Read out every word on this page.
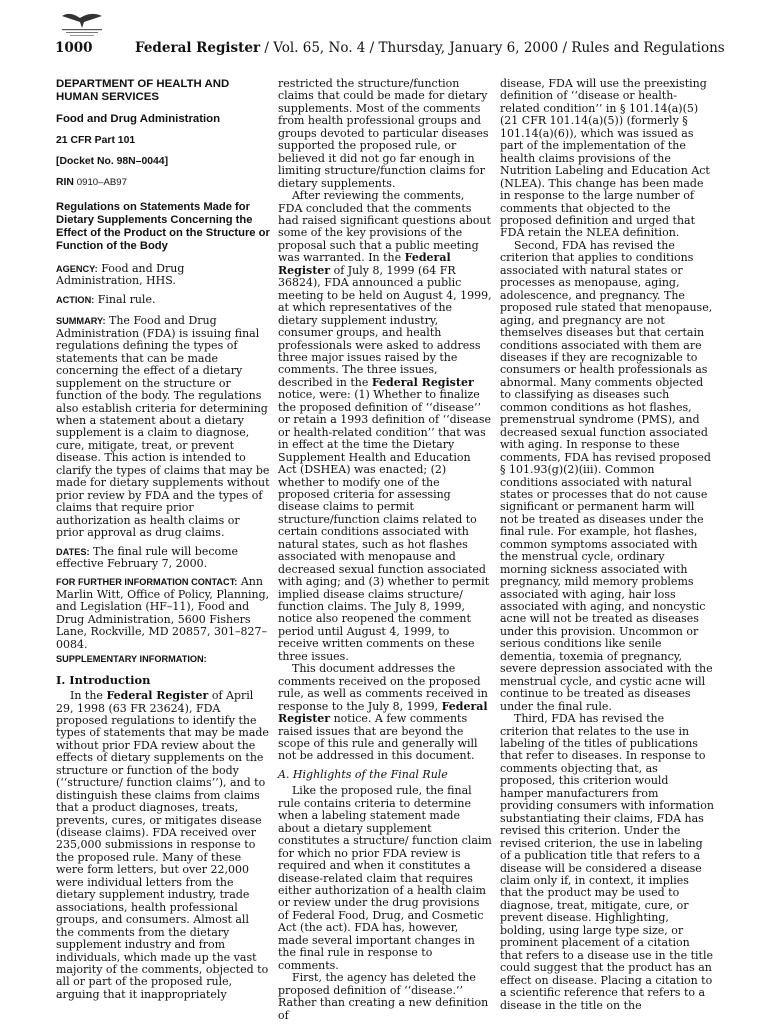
1000	Federal Register / Vol. 65, No. 4 / Thursday, January 6, 2000 / Rules and Regulations
DEPARTMENT OF HEALTH AND HUMAN SERVICES
Food and Drug Administration
21 CFR Part 101
[Docket No. 98N–0044]
RIN 0910–AB97
Regulations on Statements Made for Dietary Supplements Concerning the Effect of the Product on the Structure or Function of the Body
AGENCY: Food and Drug Administration, HHS.
ACTION: Final rule.
SUMMARY: The Food and Drug Administration (FDA) is issuing final regulations defining the types of statements that can be made concerning the effect of a dietary supplement on the structure or function of the body. The regulations also establish criteria for determining when a statement about a dietary supplement is a claim to diagnose, cure, mitigate, treat, or prevent disease. This action is intended to clarify the types of claims that may be made for dietary supplements without prior review by FDA and the types of claims that require prior authorization as health claims or prior approval as drug claims.
DATES: The final rule will become effective February 7, 2000.
FOR FURTHER INFORMATION CONTACT: Ann Marlin Witt, Office of Policy, Planning, and Legislation (HF–11), Food and Drug Administration, 5600 Fishers Lane, Rockville, MD 20857, 301–827–0084.
SUPPLEMENTARY INFORMATION:
I. Introduction

In the Federal Register of April 29, 1998 (63 FR 23624), FDA proposed regulations to identify the types of statements that may be made without prior FDA review about the effects of dietary supplements on the structure or function of the body (‘‘structure/ function claims’’), and to distinguish these claims from claims that a product diagnoses, treats, prevents, cures, or mitigates disease (disease claims). FDA received over 235,000 submissions in response to the proposed rule. Many of these were form letters, but over 22,000 were individual letters from the dietary supplement industry, trade associations, health professional groups, and consumers. Almost all the comments from the dietary supplement industry and from individuals, which made up the vast majority of the comments, objected to all or part of the proposed rule, arguing that it inappropriately

restricted the structure/function claims that could be made for dietary supplements. Most of the comments from health professional groups and groups devoted to particular diseases supported the proposed rule, or believed it did not go far enough in limiting structure/function claims for dietary supplements.

After reviewing the comments, FDA concluded that the comments had raised significant questions about some of the key provisions of the proposal such that a public meeting was warranted. In the Federal Register of July 8, 1999 (64 FR 36824), FDA announced a public meeting to be held on August 4, 1999, at which representatives of the dietary supplement industry, consumer groups, and health professionals were asked to address three major issues raised by the comments. The three issues, described in the Federal Register notice, were: (1) Whether to finalize the proposed definition of ‘‘disease’’ or retain a 1993 definition of ‘‘disease or health-related condition’’ that was in effect at the time the Dietary Supplement Health and Education Act (DSHEA) was enacted; (2) whether to modify one of the proposed criteria for assessing disease claims to permit structure/function claims related to certain conditions associated with natural states, such as hot flashes associated with menopause and decreased sexual function associated with aging; and (3) whether to permit implied disease claims structure/ function claims. The July 8, 1999, notice also reopened the comment period until August 4, 1999, to receive written comments on these three issues.

This document addresses the comments received on the proposed rule, as well as comments received in response to the July 8, 1999, Federal Register notice. A few comments raised issues that are beyond the scope of this rule and generally will not be addressed in this document.

A. Highlights of the Final Rule

Like the proposed rule, the final rule contains criteria to determine when a labeling statement made about a dietary supplement constitutes a structure/ function claim for which no prior FDA review is required and when it constitutes a disease-related claim that requires either authorization of a health claim or review under the drug provisions of Federal Food, Drug, and Cosmetic Act (the act). FDA has, however, made several important changes in the final rule in response to comments.

First, the agency has deleted the proposed definition of ‘‘disease.’’ Rather than creating a new definition of

disease, FDA will use the preexisting definition of ‘‘disease or health-related condition’’ in § 101.14(a)(5) (21 CFR 101.14(a)(5)) (formerly § 101.14(a)(6)), which was issued as part of the implementation of the health claims provisions of the Nutrition Labeling and Education Act (NLEA). This change has been made in response to the large number of comments that objected to the proposed definition and urged that FDA retain the NLEA definition.

Second, FDA has revised the criterion that applies to conditions associated with natural states or processes as menopause, aging, adolescence, and pregnancy. The proposed rule stated that menopause, aging, and pregnancy are not themselves diseases but that certain conditions associated with them are diseases if they are recognizable to consumers or health professionals as abnormal. Many comments objected to classifying as diseases such common conditions as hot flashes, premenstrual syndrome (PMS), and decreased sexual function associated with aging. In response to these comments, FDA has revised proposed § 101.93(g)(2)(iii). Common conditions associated with natural states or processes that do not cause significant or permanent harm will not be treated as diseases under the final rule. For example, hot flashes, common symptoms associated with the menstrual cycle, ordinary morning sickness associated with pregnancy, mild memory problems associated with aging, hair loss associated with aging, and noncystic acne will not be treated as diseases under this provision. Uncommon or serious conditions like senile dementia, toxemia of pregnancy, severe depression associated with the menstrual cycle, and cystic acne will continue to be treated as diseases under the final rule.

Third, FDA has revised the criterion that relates to the use in labeling of the titles of publications that refer to diseases. In response to comments objecting that, as proposed, this criterion would hamper manufacturers from providing consumers with information substantiating their claims, FDA has revised this criterion. Under the revised criterion, the use in labeling of a publication title that refers to a disease will be considered a disease claim only if, in context, it implies that the product may be used to diagnose, treat, mitigate, cure, or prevent disease. Highlighting, bolding, using large type size, or prominent placement of a citation that refers to a disease use in the title could suggest that the product has an effect on disease. Placing a citation to a scientific reference that refers to a disease in the title on the
